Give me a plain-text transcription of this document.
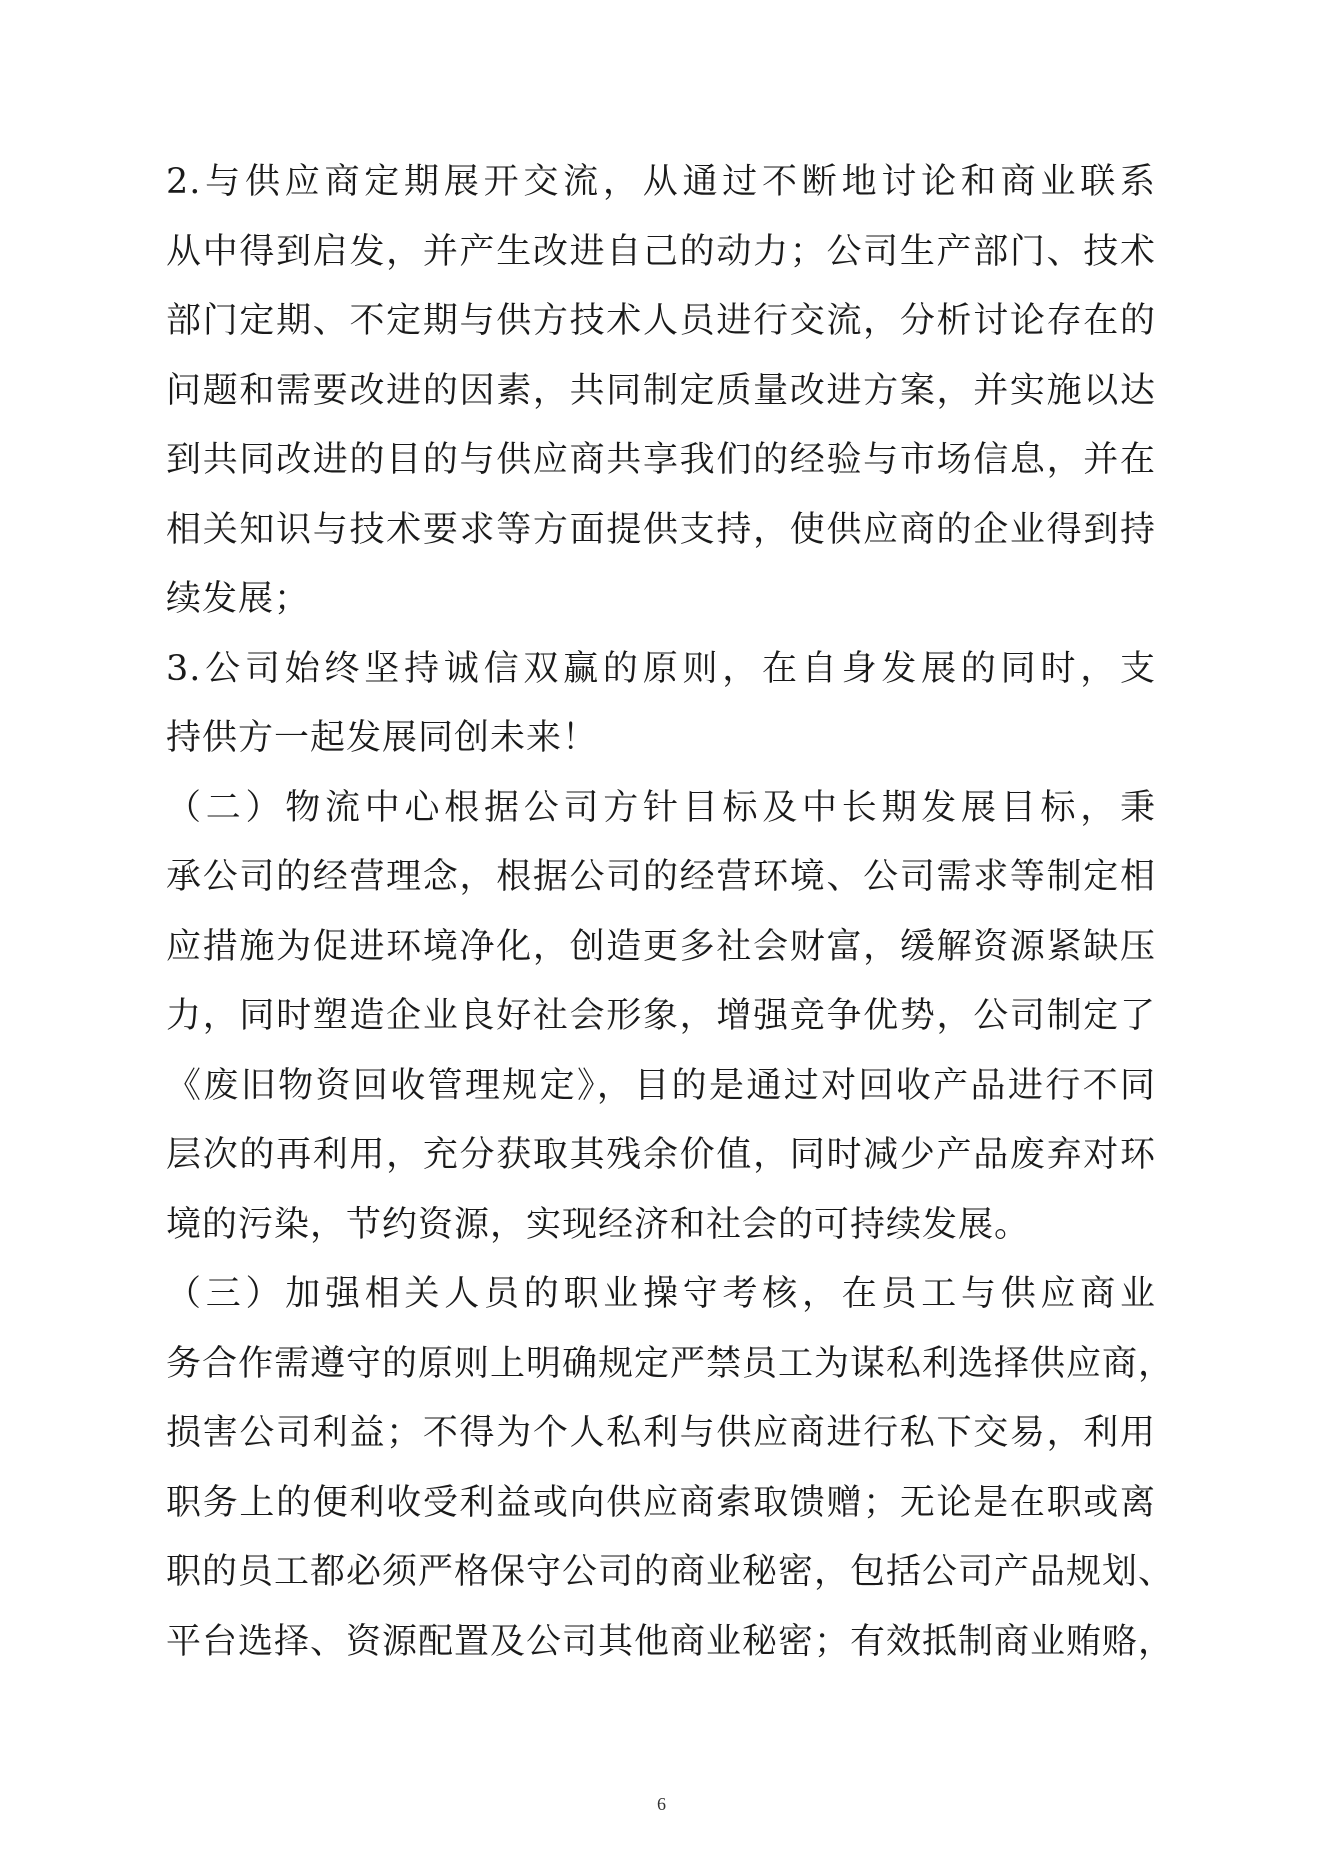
2.与供应商定期展开交流，从通过不断地讨论和商业联系
从中得到启发，并产生改进自己的动力；公司生产部门、技术
部门定期、不定期与供方技术人员进行交流，分析讨论存在的
问题和需要改进的因素，共同制定质量改进方案，并实施以达
到共同改进的目的与供应商共享我们的经验与市场信息，并在
相关知识与技术要求等方面提供支持，使供应商的企业得到持
续发展；
3.公司始终坚持诚信双赢的原则，在自身发展的同时，支
持供方一起发展同创未来！
（二）物流中心根据公司方针目标及中长期发展目标，秉
承公司的经营理念，根据公司的经营环境、公司需求等制定相
应措施为促进环境净化，创造更多社会财富，缓解资源紧缺压
力，同时塑造企业良好社会形象，增强竞争优势，公司制定了
《废旧物资回收管理规定》，目的是通过对回收产品进行不同
层次的再利用，充分获取其残余价值，同时减少产品废弃对环
境的污染，节约资源，实现经济和社会的可持续发展。
（三）加强相关人员的职业操守考核，在员工与供应商业
务合作需遵守的原则上明确规定严禁员工为谋私利选择供应商，
损害公司利益；不得为个人私利与供应商进行私下交易，利用
职务上的便利收受利益或向供应商索取馈赠；无论是在职或离
职的员工都必须严格保守公司的商业秘密，包括公司产品规划、
平台选择、资源配置及公司其他商业秘密；有效抵制商业贿赂，
6
